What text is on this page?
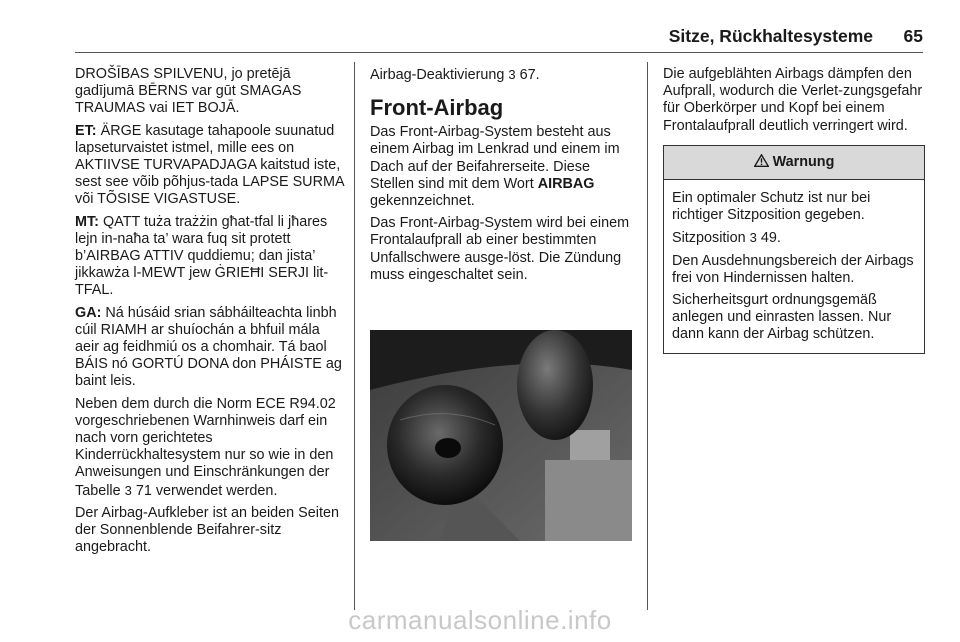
Sitze, Rückhaltesysteme 65

DROŠĪBAS SPILVENU, jo pretējā gadījumā BĒRNS var gūt SMAGAS TRAUMAS vai IET BOJĀ.

ET: ÄRGE kasutage tahapoole suunatud lapseturvaistet istmel, mille ees on AKTIIVSE TURVAPADJAGA kaitstud iste, sest see võib põhjus‐tada LAPSE SURMA või TÕSISE VIGASTUSE.

MT: QATT tuża trażżin għat-tfal li jħares lejn in-naħa ta’ wara fuq sit protett b’AIRBAG ATTIV quddiemu; dan jista’ jikkawża l-MEWT jew ĠRIEĦI SERJI lit-TFAL.

GA: Ná húsáid srian sábháilteachta linbh cúil RIAMH ar shuíochán a bhfuil mála aeir ag feidhmiú os a chomhair. Tá baol BÁIS nó GORTÚ DONA don PHÁISTE ag baint leis.

Neben dem durch die Norm ECE R94.02 vorgeschriebenen Warnhinweis darf ein nach vorn gerichtetes Kinderrückhaltesystem nur so wie in den Anweisungen und Einschränkungen der Tabelle 3 71 verwendet werden.

Der Airbag-Aufkleber ist an beiden Seiten der Sonnenblende Beifahrer‐sitz angebracht.

Airbag-Deaktivierung 3 67.

Front-Airbag

Das Front-Airbag-System besteht aus einem Airbag im Lenkrad und einem im Dach auf der Beifahrerseite. Diese Stellen sind mit dem Wort AIRBAG gekennzeichnet.

Das Front-Airbag-System wird bei einem Frontalaufprall ab einer bestimmten Unfallschwere ausge‐löst. Die Zündung muss eingeschaltet sein.

Die aufgeblähten Airbags dämpfen den Aufprall, wodurch die Verlet‐zungsgefahr für Oberkörper und Kopf bei einem Frontalaufprall deutlich verringert wird.

Warnung

Ein optimaler Schutz ist nur bei richtiger Sitzposition gegeben.

Sitzposition 3 49.

Den Ausdehnungsbereich der Airbags frei von Hindernissen halten.

Sicherheitsgurt ordnungsgemäß anlegen und einrasten lassen. Nur dann kann der Airbag schützen.

carmanualsonline.info
